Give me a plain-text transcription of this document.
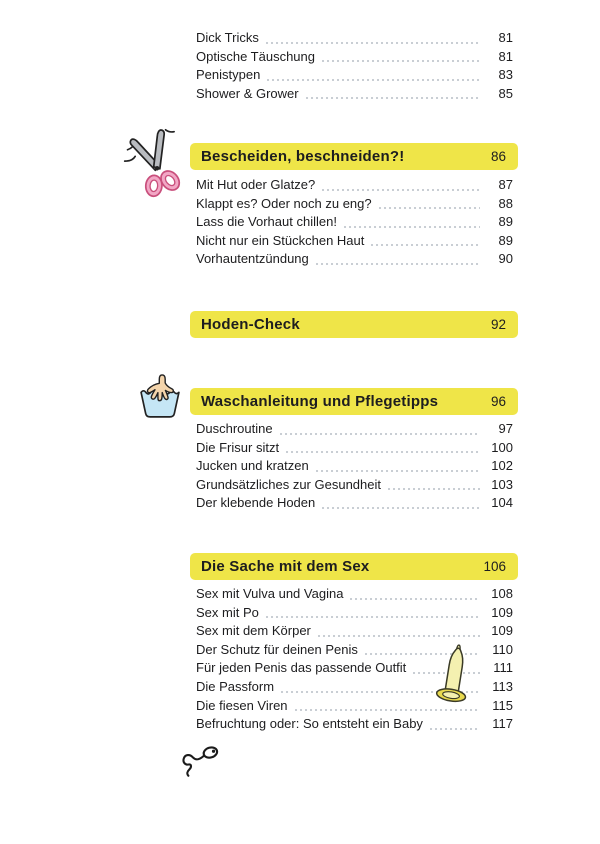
Dick Tricks	81
Optische Täuschung	81
Penistypen	83
Shower & Grower	85
Bescheiden, beschneiden?!	86
Mit Hut oder Glatze?	87
Klappt es? Oder noch zu eng?	88
Lass die Vorhaut chillen!	89
Nicht nur ein Stückchen Haut	89
Vorhautentzündung	90
Hoden-Check	92
Waschanleitung und Pflegetipps	96
Duschroutine	97
Die Frisur sitzt	100
Jucken und kratzen	102
Grundsätzliches zur Gesundheit	103
Der klebende Hoden	104
Die Sache mit dem Sex	106
Sex mit Vulva und Vagina	108
Sex mit Po	109
Sex mit dem Körper	109
Der Schutz für deinen Penis	110
Für jeden Penis das passende Outfit	111
Die Passform	113
Die fiesen Viren	115
Befruchtung oder: So entsteht ein Baby	117
